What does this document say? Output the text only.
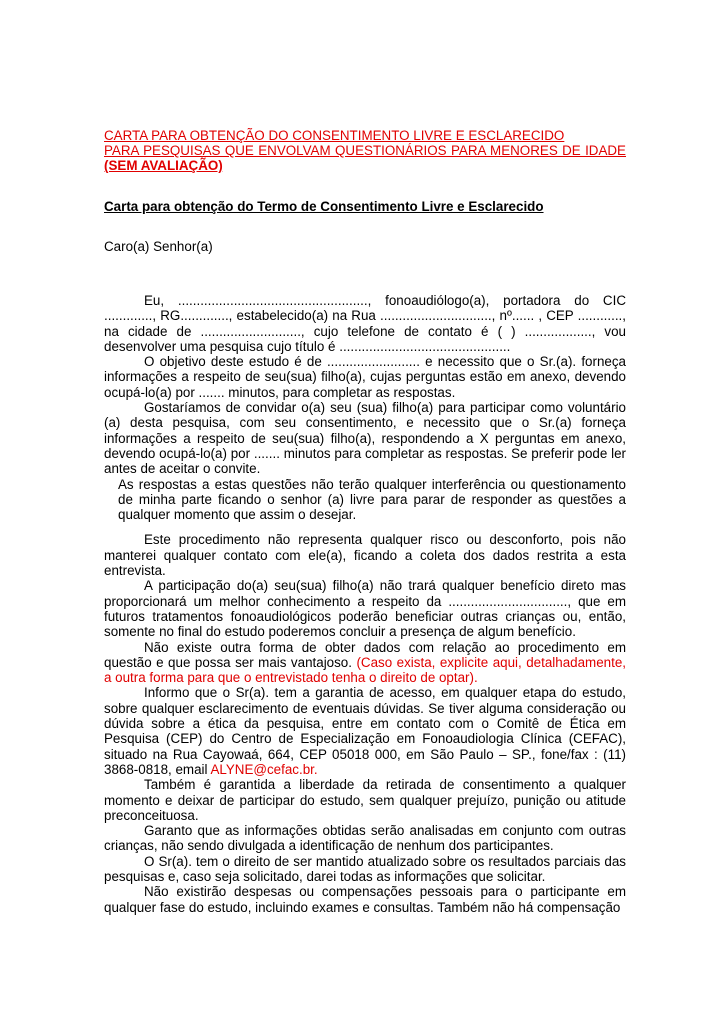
CARTA PARA OBTENÇÃO DO CONSENTIMENTO LIVRE E ESCLARECIDO

PARA PESQUISAS QUE ENVOLVAM QUESTIONÁRIOS PARA MENORES DE IDADE

(SEM AVALIAÇÃO)

Carta para obtenção do Termo de Consentimento Livre e Esclarecido

Caro(a) Senhor(a)

Eu, ..................................................., fonoaudiólogo(a), portadora do CIC ............., RG............., estabelecido(a) na Rua .............................., nº...... , CEP ............, na cidade de ..........................., cujo telefone de contato é ( ) .................., vou desenvolver uma pesquisa cujo título é ..............................................

O objetivo deste estudo é de ......................... e necessito que o Sr.(a). forneça informações a respeito de seu(sua) filho(a), cujas perguntas estão em anexo, devendo ocupá-lo(a) por ....... minutos, para completar as respostas.

Gostaríamos de convidar o(a) seu (sua) filho(a) para participar como voluntário (a) desta pesquisa, com seu consentimento, e necessito que o Sr.(a) forneça informações a respeito de seu(sua) filho(a), respondendo a X perguntas em anexo, devendo ocupá-lo(a) por ....... minutos para completar as respostas. Se preferir pode ler antes de aceitar o convite.

As respostas a estas questões não terão qualquer interferência ou questionamento de minha parte ficando o senhor (a) livre para parar de responder as questões a qualquer momento que assim o desejar.

Este procedimento não representa qualquer risco ou desconforto, pois não manterei qualquer contato com ele(a), ficando a coleta dos dados restrita a esta entrevista.

A participação do(a) seu(sua) filho(a) não trará qualquer benefício direto mas proporcionará um melhor conhecimento a respeito da ................................, que em futuros tratamentos fonoaudiológicos poderão beneficiar outras crianças ou, então, somente no final do estudo poderemos concluir a presença de algum benefício.

Não existe outra forma de obter dados com relação ao procedimento em questão e que possa ser mais vantajoso. (Caso exista, explicite aqui, detalhadamente, a outra forma para que o entrevistado tenha o direito de optar).

Informo que o Sr(a). tem a garantia de acesso, em qualquer etapa do estudo, sobre qualquer esclarecimento de eventuais dúvidas. Se tiver alguma consideração ou dúvida sobre a ética da pesquisa, entre em contato com o Comitê de Ética em Pesquisa (CEP) do Centro de Especialização em Fonoaudiologia Clínica (CEFAC), situado na Rua Cayowaá, 664, CEP 05018 000, em São Paulo – SP., fone/fax : (11) 3868-0818, email ALYNE@cefac.br.

Também é garantida a liberdade da retirada de consentimento a qualquer momento e deixar de participar do estudo, sem qualquer prejuízo, punição ou atitude preconceituosa.

Garanto que as informações obtidas serão analisadas em conjunto com outras crianças, não sendo divulgada a identificação de nenhum dos participantes.

O Sr(a). tem o direito de ser mantido atualizado sobre os resultados parciais das pesquisas e, caso seja solicitado, darei todas as informações que solicitar.

Não existirão despesas ou compensações pessoais para o participante em qualquer fase do estudo, incluindo exames e consultas. Também não há compensação
